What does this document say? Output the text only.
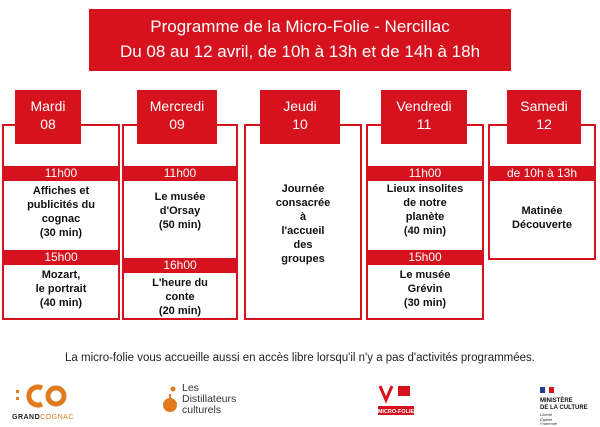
Programme de la Micro-Folie - Nercillac
Du 08 au 12 avril, de 10h à 13h et de 14h à 18h
11h00
Affiches et
publicités du
cognac
(30 min)
15h00
Mozart,
le portrait
(40 min)
Mardi
08
11h00
Le musée
d'Orsay
(50 min)
16h00
L'heure du
conte
(20 min)
Mercredi
09
Journée
consacrée
à
l'accueil
des
groupes
Jeudi
10
11h00
Lieux insolites
de notre
planète
(40 min)
15h00
Le musée
Grévin
(30 min)
Vendredi
11
de 10h à 13h
Matinée
Découverte
Samedi
12
La micro-folie vous accueille aussi en accès libre lorsqu'il n'y a pas d'activités programmées.
GRANDCOGNAC
Les
Distillateurs
culturels	MICRO-FOLIE
MINISTÈRE
DE LA CULTURE
Liberté
Égalité
Fraternité
